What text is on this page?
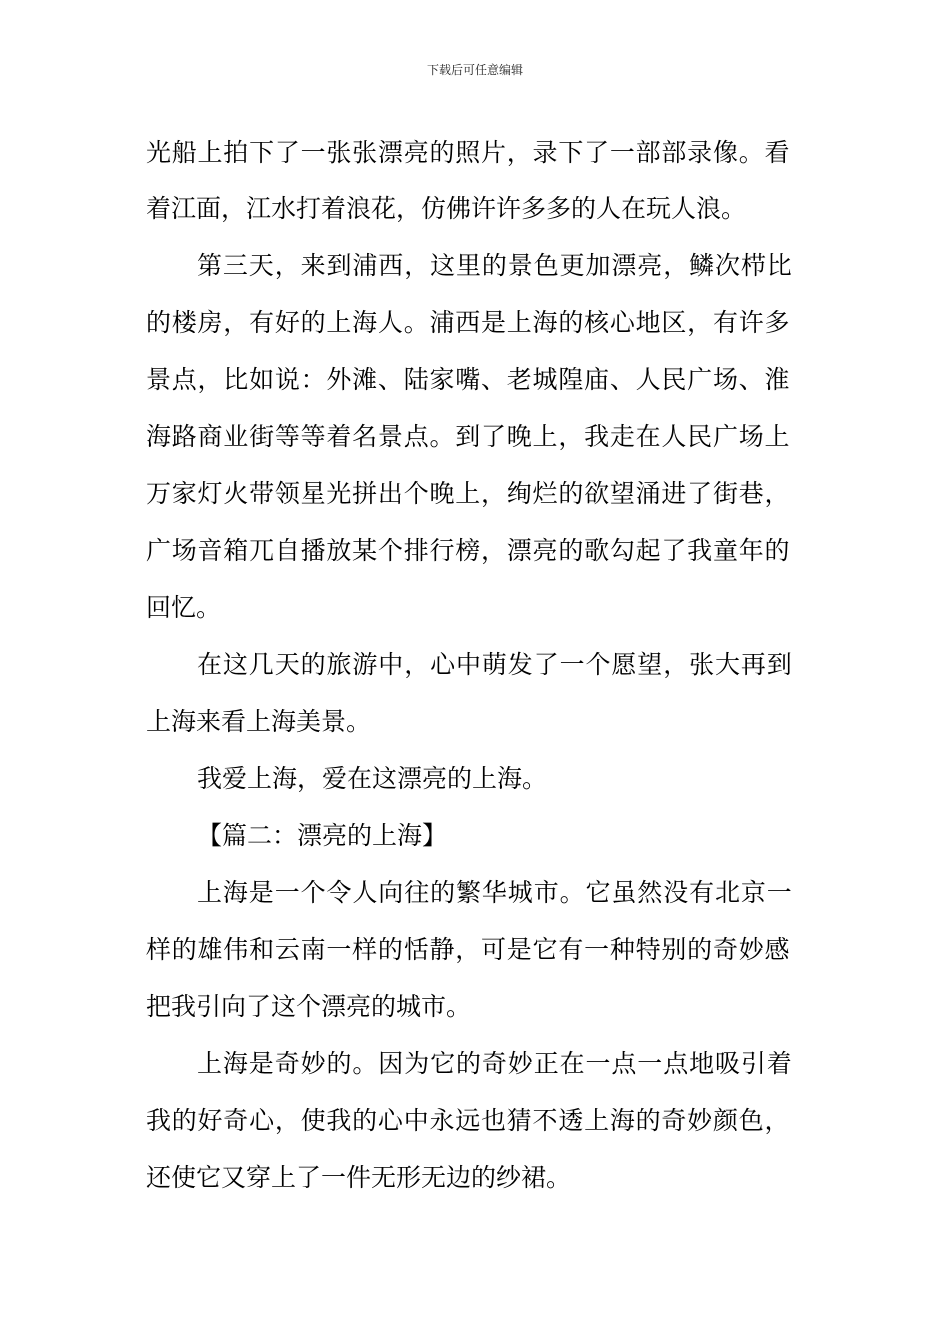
下载后可任意编辑
光船上拍下了一张张漂亮的照片，录下了一部部录像。看
着江面，江水打着浪花，仿佛许许多多的人在玩人浪。
第三天，来到浦西，这里的景色更加漂亮，鳞次栉比
的楼房，有好的上海人。浦西是上海的核心地区，有许多
景点，比如说：外滩、陆家嘴、老城隍庙、人民广场、淮
海路商业街等等着名景点。到了晚上，我走在人民广场上
万家灯火带领星光拼出个晚上，绚烂的欲望涌进了街巷，
广场音箱兀自播放某个排行榜，漂亮的歌勾起了我童年的
回忆。
在这几天的旅游中，心中萌发了一个愿望，张大再到
上海来看上海美景。
我爱上海，爱在这漂亮的上海。
【篇二：漂亮的上海】
上海是一个令人向往的繁华城市。它虽然没有北京一
样的雄伟和云南一样的恬静，可是它有一种特别的奇妙感
把我引向了这个漂亮的城市。
上海是奇妙的。因为它的奇妙正在一点一点地吸引着
我的好奇心，使我的心中永远也猜不透上海的奇妙颜色，
还使它又穿上了一件无形无边的纱裙。
